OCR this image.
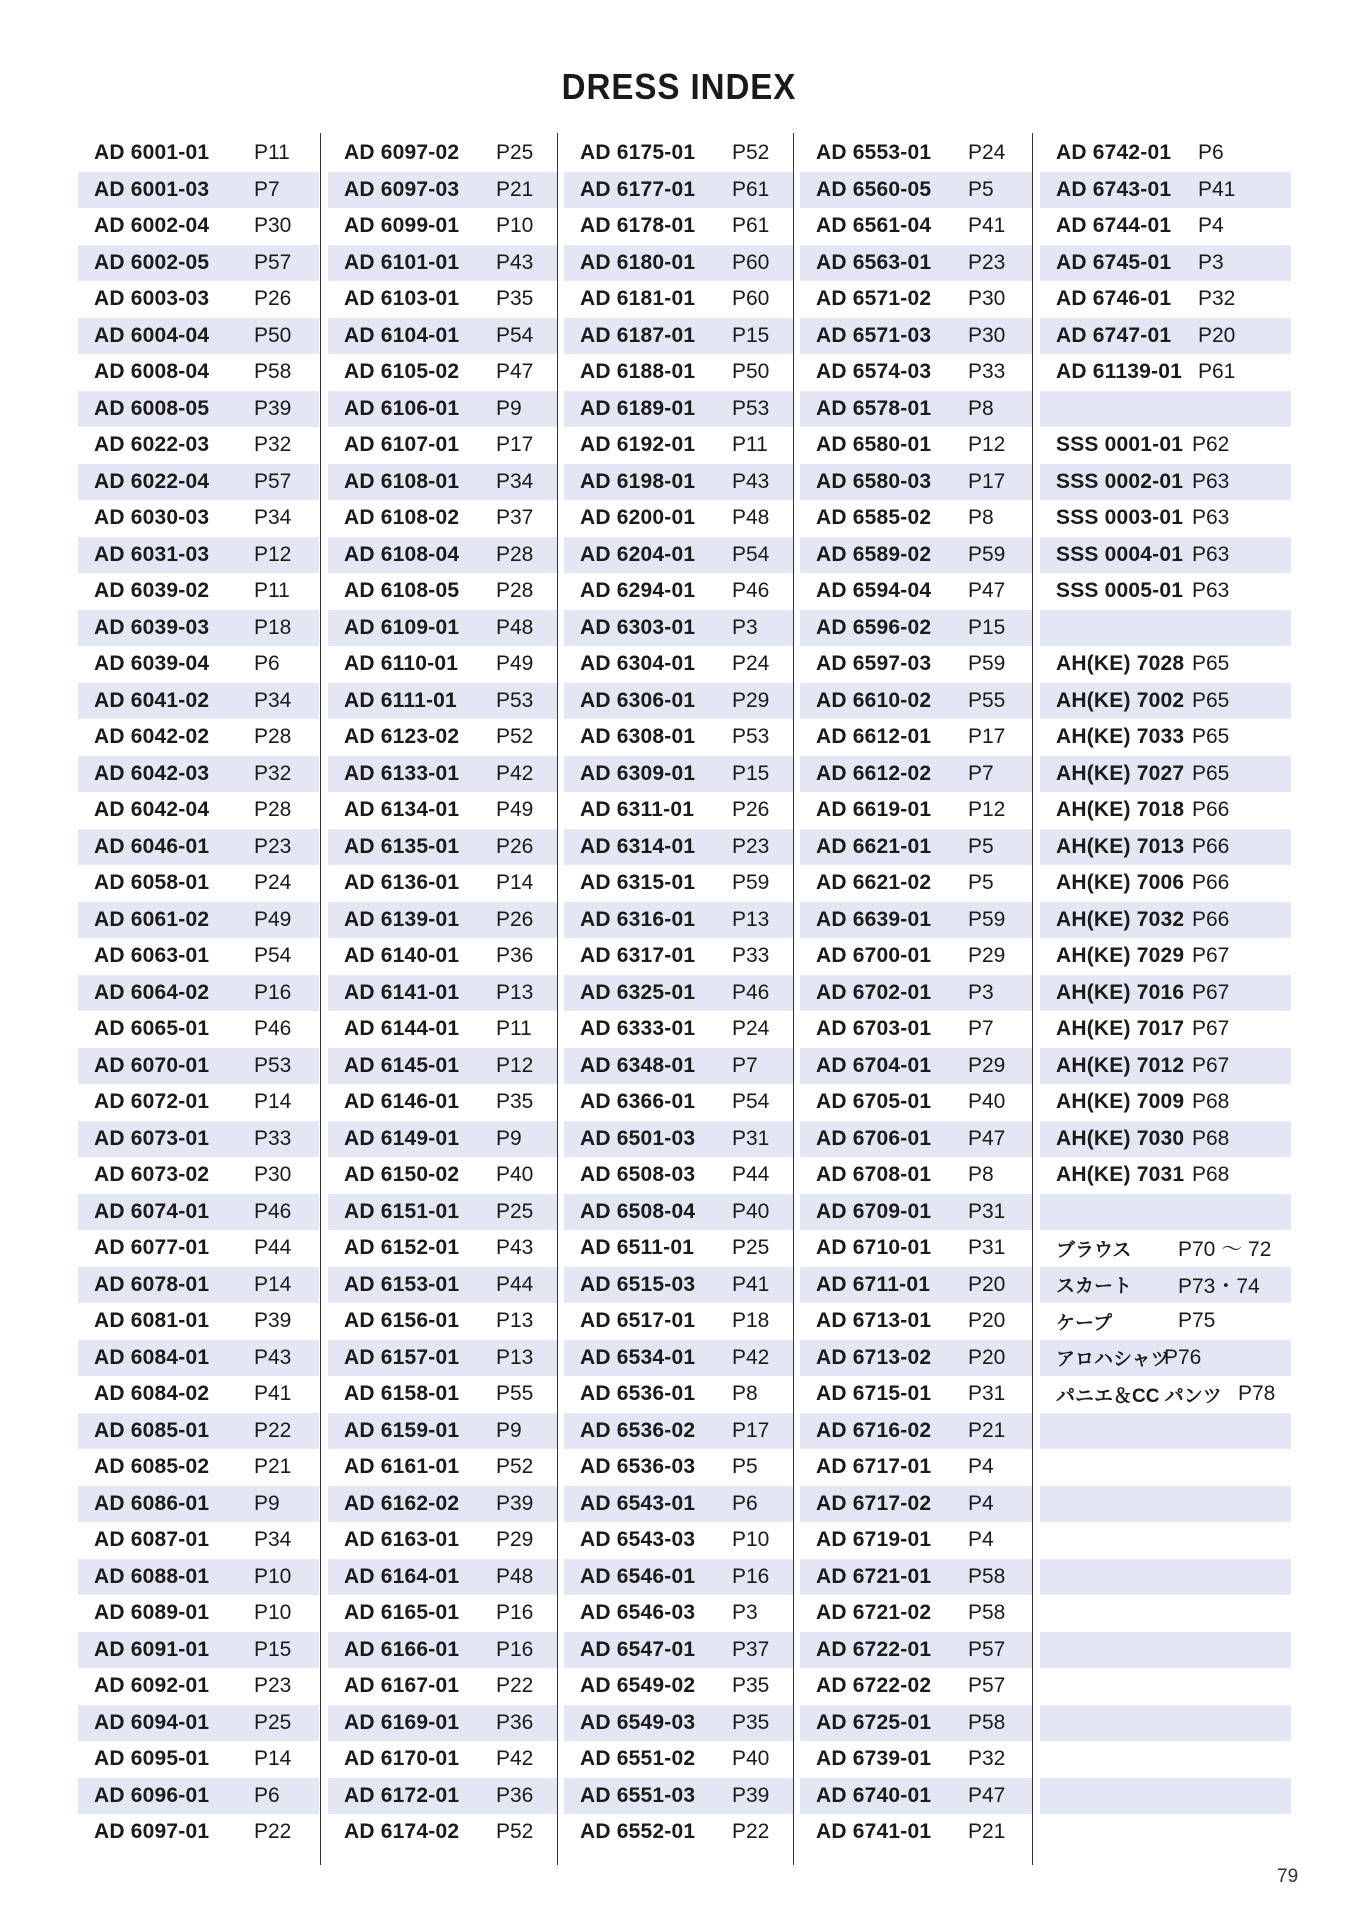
DRESS INDEX
AD 6001-01 P11
AD 6001-03 P7
AD 6002-04 P30
AD 6002-05 P57
AD 6003-03 P26
AD 6004-04 P50
AD 6008-04 P58
AD 6008-05 P39
AD 6022-03 P32
AD 6022-04 P57
AD 6030-03 P34
AD 6031-03 P12
AD 6039-02 P11
AD 6039-03 P18
AD 6039-04 P6
AD 6041-02 P34
AD 6042-02 P28
AD 6042-03 P32
AD 6042-04 P28
AD 6046-01 P23
AD 6058-01 P24
AD 6061-02 P49
AD 6063-01 P54
AD 6064-02 P16
AD 6065-01 P46
AD 6070-01 P53
AD 6072-01 P14
AD 6073-01 P33
AD 6073-02 P30
AD 6074-01 P46
AD 6077-01 P44
AD 6078-01 P14
AD 6081-01 P39
AD 6084-01 P43
AD 6084-02 P41
AD 6085-01 P22
AD 6085-02 P21
AD 6086-01 P9
AD 6087-01 P34
AD 6088-01 P10
AD 6089-01 P10
AD 6091-01 P15
AD 6092-01 P23
AD 6094-01 P25
AD 6095-01 P14
AD 6096-01 P6
AD 6097-01 P22
AD 6097-02 P25
AD 6097-03 P21
AD 6099-01 P10
AD 6101-01 P43
AD 6103-01 P35
AD 6104-01 P54
AD 6105-02 P47
AD 6106-01 P9
AD 6107-01 P17
AD 6108-01 P34
AD 6108-02 P37
AD 6108-04 P28
AD 6108-05 P28
AD 6109-01 P48
AD 6110-01 P49
AD 6111-01 P53
AD 6123-02 P52
AD 6133-01 P42
AD 6134-01 P49
AD 6135-01 P26
AD 6136-01 P14
AD 6139-01 P26
AD 6140-01 P36
AD 6141-01 P13
AD 6144-01 P11
AD 6145-01 P12
AD 6146-01 P35
AD 6149-01 P9
AD 6150-02 P40
AD 6151-01 P25
AD 6152-01 P43
AD 6153-01 P44
AD 6156-01 P13
AD 6157-01 P13
AD 6158-01 P55
AD 6159-01 P9
AD 6161-01 P52
AD 6162-02 P39
AD 6163-01 P29
AD 6164-01 P48
AD 6165-01 P16
AD 6166-01 P16
AD 6167-01 P22
AD 6169-01 P36
AD 6170-01 P42
AD 6172-01 P36
AD 6174-02 P52
AD 6175-01 P52
AD 6177-01 P61
AD 6178-01 P61
AD 6180-01 P60
AD 6181-01 P60
AD 6187-01 P15
AD 6188-01 P50
AD 6189-01 P53
AD 6192-01 P11
AD 6198-01 P43
AD 6200-01 P48
AD 6204-01 P54
AD 6294-01 P46
AD 6303-01 P3
AD 6304-01 P24
AD 6306-01 P29
AD 6308-01 P53
AD 6309-01 P15
AD 6311-01 P26
AD 6314-01 P23
AD 6315-01 P59
AD 6316-01 P13
AD 6317-01 P33
AD 6325-01 P46
AD 6333-01 P24
AD 6348-01 P7
AD 6366-01 P54
AD 6501-03 P31
AD 6508-03 P44
AD 6508-04 P40
AD 6511-01 P25
AD 6515-03 P41
AD 6517-01 P18
AD 6534-01 P42
AD 6536-01 P8
AD 6536-02 P17
AD 6536-03 P5
AD 6543-01 P6
AD 6543-03 P10
AD 6546-01 P16
AD 6546-03 P3
AD 6547-01 P37
AD 6549-02 P35
AD 6549-03 P35
AD 6551-02 P40
AD 6551-03 P39
AD 6552-01 P22
AD 6553-01 P24
AD 6560-05 P5
AD 6561-04 P41
AD 6563-01 P23
AD 6571-02 P30
AD 6571-03 P30
AD 6574-03 P33
AD 6578-01 P8
AD 6580-01 P12
AD 6580-03 P17
AD 6585-02 P8
AD 6589-02 P59
AD 6594-04 P47
AD 6596-02 P15
AD 6597-03 P59
AD 6610-02 P55
AD 6612-01 P17
AD 6612-02 P7
AD 6619-01 P12
AD 6621-01 P5
AD 6621-02 P5
AD 6639-01 P59
AD 6700-01 P29
AD 6702-01 P3
AD 6703-01 P7
AD 6704-01 P29
AD 6705-01 P40
AD 6706-01 P47
AD 6708-01 P8
AD 6709-01 P31
AD 6710-01 P31
AD 6711-01 P20
AD 6713-01 P20
AD 6713-02 P20
AD 6715-01 P31
AD 6716-02 P21
AD 6717-01 P4
AD 6717-02 P4
AD 6719-01 P4
AD 6721-01 P58
AD 6721-02 P58
AD 6722-01 P57
AD 6722-02 P57
AD 6725-01 P58
AD 6739-01 P32
AD 6740-01 P47
AD 6741-01 P21
AD 6742-01 P6
AD 6743-01 P41
AD 6744-01 P4
AD 6745-01 P3
AD 6746-01 P32
AD 6747-01 P20
AD 61139-01 P61
SSS 0001-01 P62
SSS 0002-01 P63
SSS 0003-01 P63
SSS 0004-01 P63
SSS 0005-01 P63
AH(KE) 7028 P65
AH(KE) 7002 P65
AH(KE) 7033 P65
AH(KE) 7027 P65
AH(KE) 7018 P66
AH(KE) 7013 P66
AH(KE) 7006 P66
AH(KE) 7032 P66
AH(KE) 7029 P67
AH(KE) 7016 P67
AH(KE) 7017 P67
AH(KE) 7012 P67
AH(KE) 7009 P68
AH(KE) 7030 P68
AH(KE) 7031 P68
ブラウス P70 ～ 72
スカート P73・74
ケープ	P75
アロハシャツ
P76
パニエ＆CC パンツ P78
79
